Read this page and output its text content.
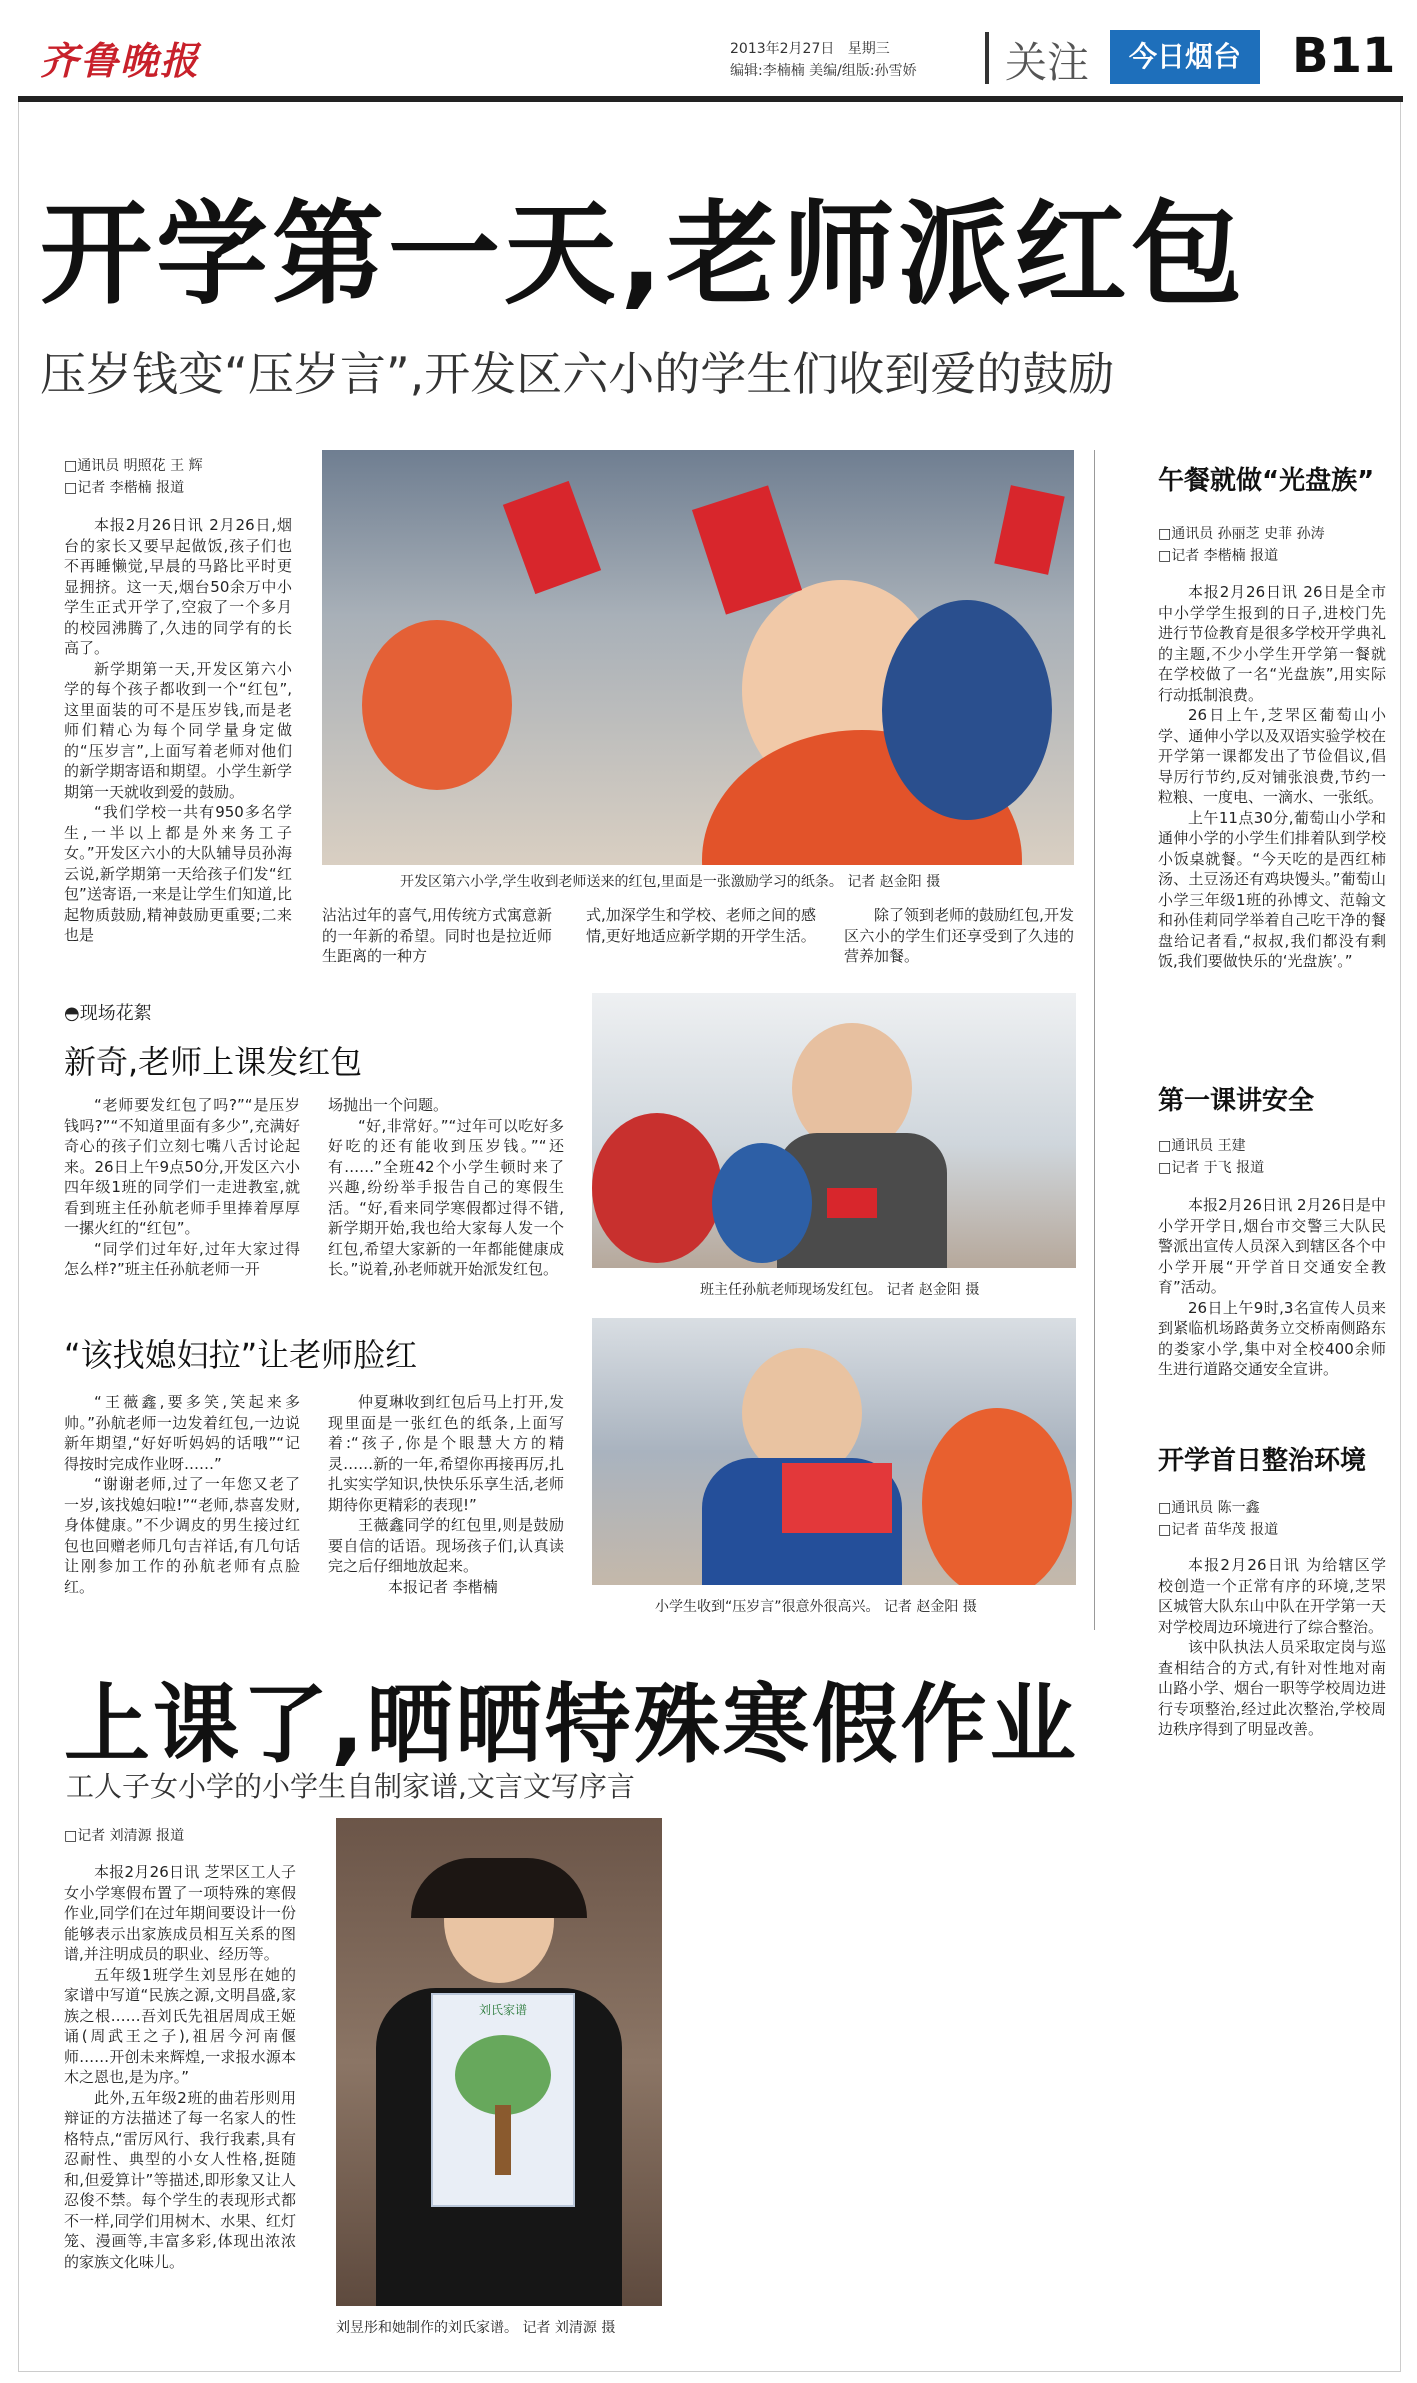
齐鲁晚报	2013年2月27日 星期三
编辑:李楠楠 美编/组版:孙雪娇 关注	今日烟台	B11
开学第一天,老师派红包
压岁钱变“压岁言”,开发区六小的学生们收到爱的鼓励
□通讯员 明照花 王 辉
□记者 李楷楠 报道

本报2月26日讯 2月26日,烟台的家长又要早起做饭,孩子们也不再睡懒觉,早晨的马路比平时更显拥挤。这一天,烟台50余万中小学生正式开学了,空寂了一个多月的校园沸腾了,久违的同学有的长高了。

新学期第一天,开发区第六小学的每个孩子都收到一个“红包”,这里面装的可不是压岁钱,而是老师们精心为每个同学量身定做的“压岁言”,上面写着老师对他们的新学期寄语和期望。小学生新学期第一天就收到爱的鼓励。

“我们学校一共有950多名学生,一半以上都是外来务工子女。”开发区六小的大队辅导员孙海云说,新学期第一天给孩子们发“红包”送寄语,一来是让学生们知道,比起物质鼓励,精神鼓励更重要;二来也是

开发区第六小学,学生收到老师送来的红包,里面是一张激励学习的纸条。 记者 赵金阳 摄

沾沾过年的喜气,用传统方式寓意新的一年新的希望。同时也是拉近师生距离的一种方

式,加深学生和学校、老师之间的感情,更好地适应新学期的开学生活。

除了领到老师的鼓励红包,开发区六小的学生们还享受到了久违的营养加餐。

◓现场花絮
新奇,老师上课发红包

“老师要发红包了吗?”“是压岁钱吗?”“不知道里面有多少”,充满好奇心的孩子们立刻七嘴八舌讨论起来。26日上午9点50分,开发区六小四年级1班的同学们一走进教室,就看到班主任孙航老师手里捧着厚厚一摞火红的“红包”。

“同学们过年好,过年大家过得怎么样?”班主任孙航老师一开

场抛出一个问题。

“好,非常好。”“过年可以吃好多好吃的还有能收到压岁钱。”“还有……”全班42个小学生顿时来了兴趣,纷纷举手报告自己的寒假生活。“好,看来同学寒假都过得不错,新学期开始,我也给大家每人发一个红包,希望大家新的一年都能健康成长。”说着,孙老师就开始派发红包。

班主任孙航老师现场发红包。 记者 赵金阳 摄
“该找媳妇拉”让老师脸红

“王薇鑫,要多笑,笑起来多帅。”孙航老师一边发着红包,一边说新年期望,“好好听妈妈的话哦”“记得按时完成作业呀……”

“谢谢老师,过了一年您又老了一岁,该找媳妇啦!”“老师,恭喜发财,身体健康。”不少调皮的男生接过红包也回赠老师几句吉祥话,有几句话让刚参加工作的孙航老师有点脸红。

仲夏琳收到红包后马上打开,发现里面是一张红色的纸条,上面写着:“孩子,你是个眼慧大方的精灵……新的一年,希望你再接再厉,扎扎实实学知识,快快乐乐享生活,老师期待你更精彩的表现!”

王薇鑫同学的红包里,则是鼓励要自信的话语。现场孩子们,认真读完之后仔细地放起来。

本报记者 李楷楠

小学生收到“压岁言”很意外很高兴。 记者 赵金阳 摄
午餐就做“光盘族”
□通讯员 孙丽芝 史菲 孙涛
□记者 李楷楠 报道

本报2月26日讯 26日是全市中小学学生报到的日子,进校门先进行节俭教育是很多学校开学典礼的主题,不少小学生开学第一餐就在学校做了一名“光盘族”,用实际行动抵制浪费。

26日上午,芝罘区葡萄山小学、通伸小学以及双语实验学校在开学第一课都发出了节俭倡议,倡导厉行节约,反对铺张浪费,节约一粒粮、一度电、一滴水、一张纸。

上午11点30分,葡萄山小学和通伸小学的小学生们排着队到学校小饭桌就餐。“今天吃的是西红柿汤、土豆汤还有鸡块馒头。”葡萄山小学三年级1班的孙博文、范翰文和孙佳莉同学举着自己吃干净的餐盘给记者看,“叔叔,我们都没有剩饭,我们要做快乐的‘光盘族’。”

第一课讲安全
□通讯员 王建
□记者 于飞 报道

本报2月26日讯 2月26日是中小学开学日,烟台市交警三大队民警派出宣传人员深入到辖区各个中小学开展“开学首日交通安全教育”活动。

26日上午9时,3名宣传人员来到紧临机场路黄务立交桥南侧路东的娄家小学,集中对全校400余师生进行道路交通安全宣讲。

开学首日整治环境
□通讯员 陈一鑫
□记者 苗华茂 报道

本报2月26日讯 为给辖区学校创造一个正常有序的环境,芝罘区城管大队东山中队在开学第一天对学校周边环境进行了综合整治。

该中队执法人员采取定岗与巡查相结合的方式,有针对性地对南山路小学、烟台一职等学校周边进行专项整治,经过此次整治,学校周边秩序得到了明显改善。

上课了,晒晒特殊寒假作业
工人子女小学的小学生自制家谱,文言文写序言
□记者 刘清源 报道

本报2月26日讯 芝罘区工人子女小学寒假布置了一项特殊的寒假作业,同学们在过年期间要设计一份能够表示出家族成员相互关系的图谱,并注明成员的职业、经历等。

五年级1班学生刘昱彤在她的家谱中写道“民族之源,文明昌盛,家族之根……吾刘氏先祖居周成王姬诵(周武王之子),祖居今河南偃师……开创未来辉煌,一求报水源本木之恩也,是为序。”

此外,五年级2班的曲若彤则用辩证的方法描述了每一名家人的性格特点,“雷厉风行、我行我素,具有忍耐性、典型的小女人性格,挺随和,但爱算计”等描述,即形象又让人忍俊不禁。每个学生的表现形式都不一样,同学们用树木、水果、红灯笼、漫画等,丰富多彩,体现出浓浓的家族文化味儿。

刘氏家谱
刘昱彤和她制作的刘氏家谱。 记者 刘清源 摄
